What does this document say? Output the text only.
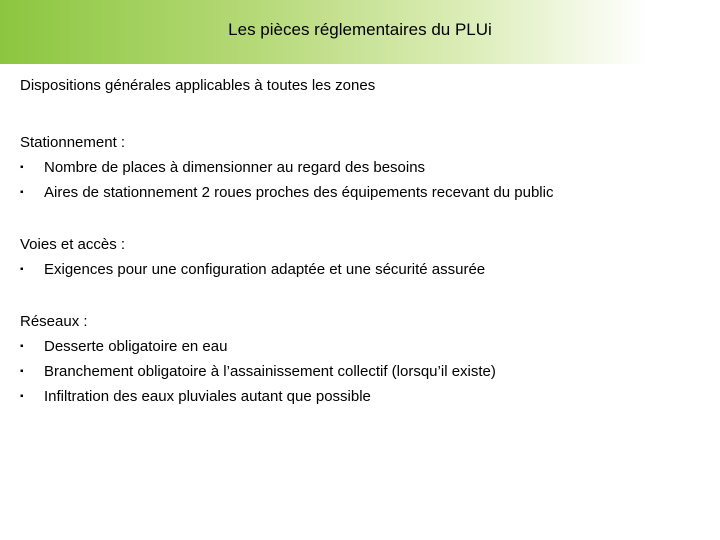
Les pièces réglementaires du PLUi
Dispositions générales applicables à toutes les zones

Stationnement :

▪ Nombre de places à dimensionner au regard des besoins
▪ Aires de stationnement 2 roues proches des équipements recevant du public

Voies et accès :

▪ Exigences pour une configuration adaptée et une sécurité assurée

Réseaux :

▪ Desserte obligatoire en eau
▪ Branchement obligatoire à l’assainissement collectif (lorsqu’il existe)
▪ Infiltration des eaux pluviales autant que possible
